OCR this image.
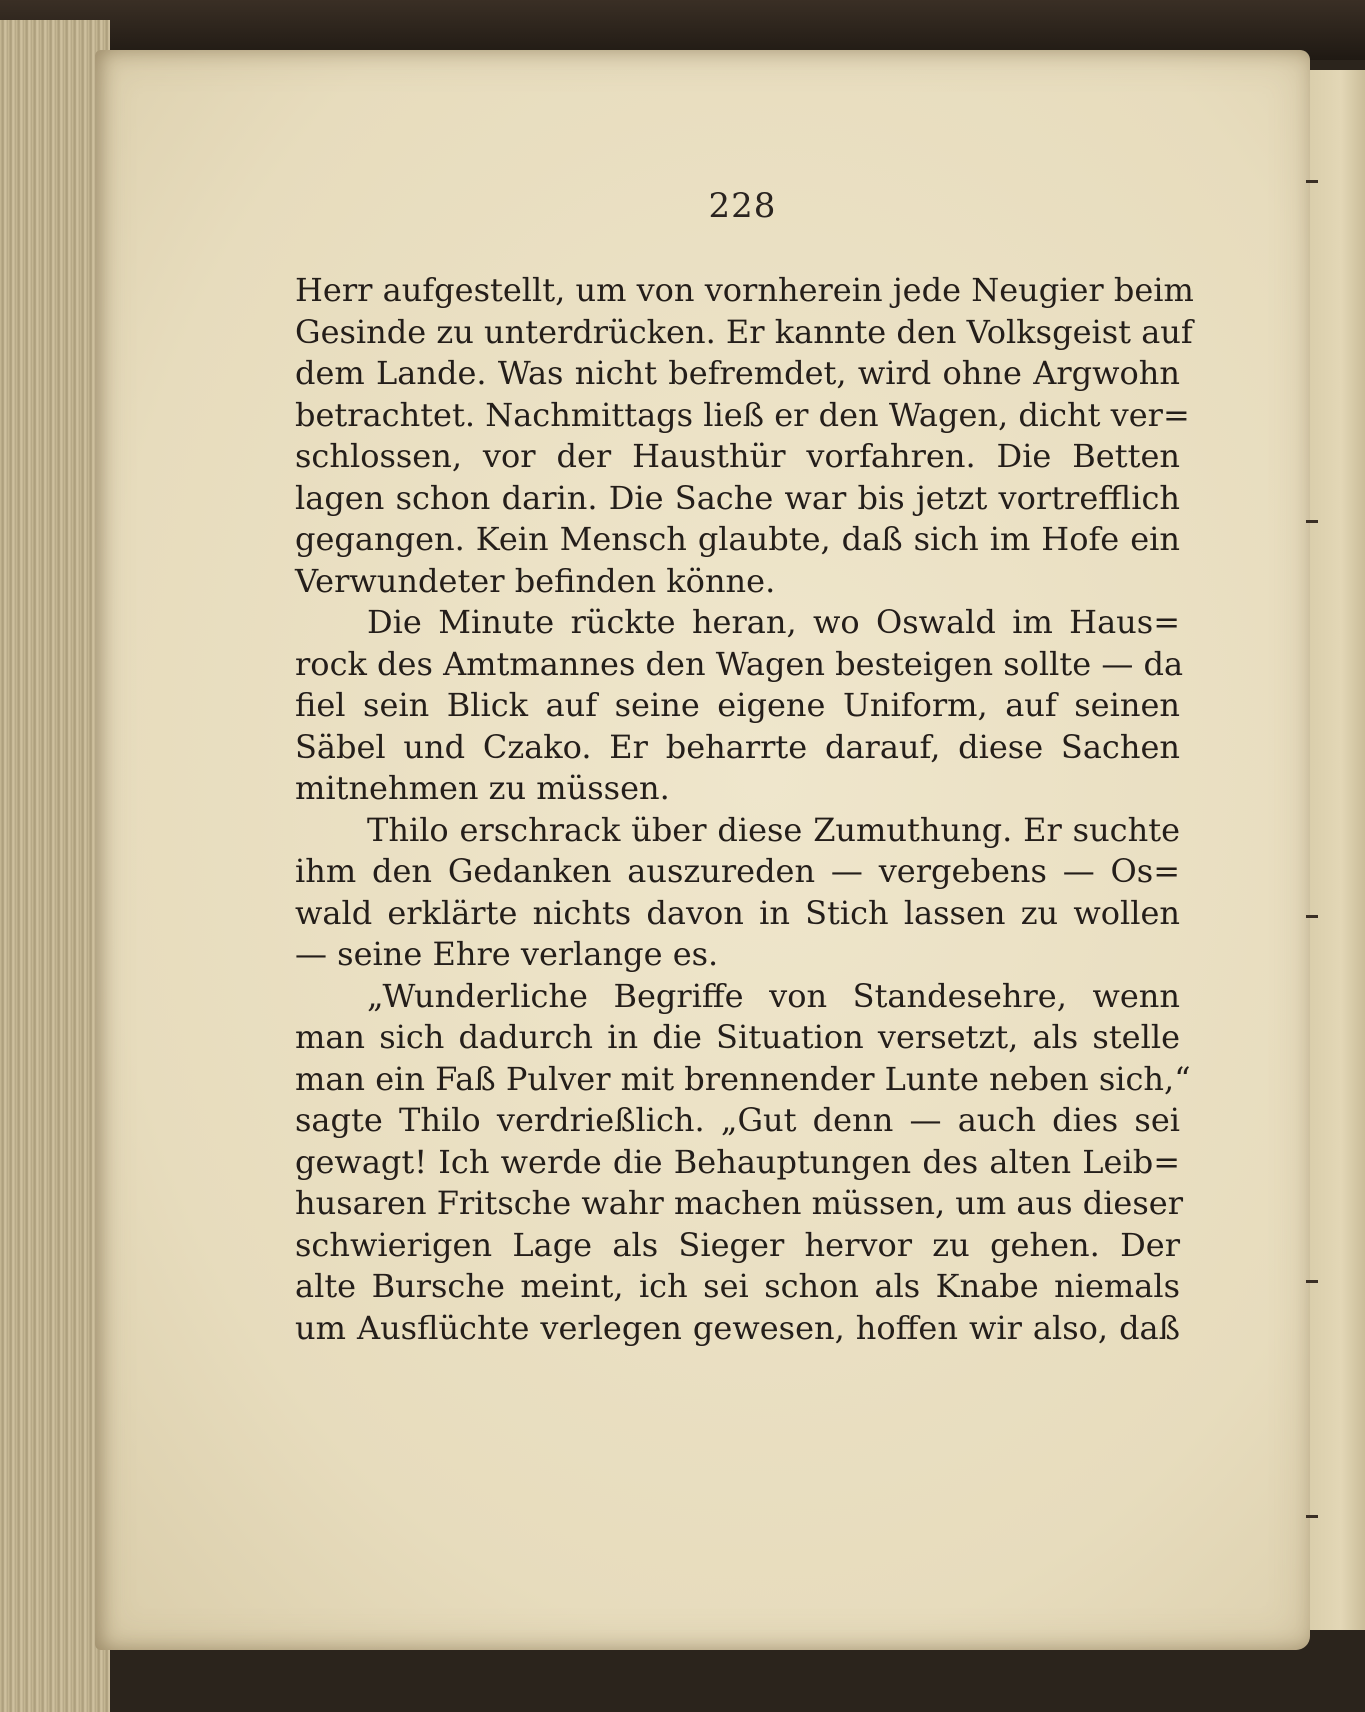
228
Herr aufgestellt, um von vornherein jede Neugier beim
Gesinde zu unterdrücken. Er kannte den Volksgeist auf
dem Lande. Was nicht befremdet, wird ohne Argwohn
betrachtet. Nachmittags ließ er den Wagen, dicht ver=
schlossen, vor der Hausthür vorfahren. Die Betten
lagen schon darin. Die Sache war bis jetzt vortrefflich
gegangen. Kein Mensch glaubte, daß sich im Hofe ein
Verwundeter befinden könne.
Die Minute rückte heran, wo Oswald im Haus=
rock des Amtmannes den Wagen besteigen sollte — da
fiel sein Blick auf seine eigene Uniform, auf seinen
Säbel und Czako. Er beharrte darauf, diese Sachen
mitnehmen zu müssen.
Thilo erschrack über diese Zumuthung. Er suchte
ihm den Gedanken auszureden — vergebens — Os=
wald erklärte nichts davon in Stich lassen zu wollen
— seine Ehre verlange es.
„Wunderliche Begriffe von Standesehre, wenn
man sich dadurch in die Situation versetzt, als stelle
man ein Faß Pulver mit brennender Lunte neben sich,“
sagte Thilo verdrießlich. „Gut denn — auch dies sei
gewagt! Ich werde die Behauptungen des alten Leib=
husaren Fritsche wahr machen müssen, um aus dieser
schwierigen Lage als Sieger hervor zu gehen. Der
alte Bursche meint, ich sei schon als Knabe niemals
um Ausflüchte verlegen gewesen, hoffen wir also, daß
